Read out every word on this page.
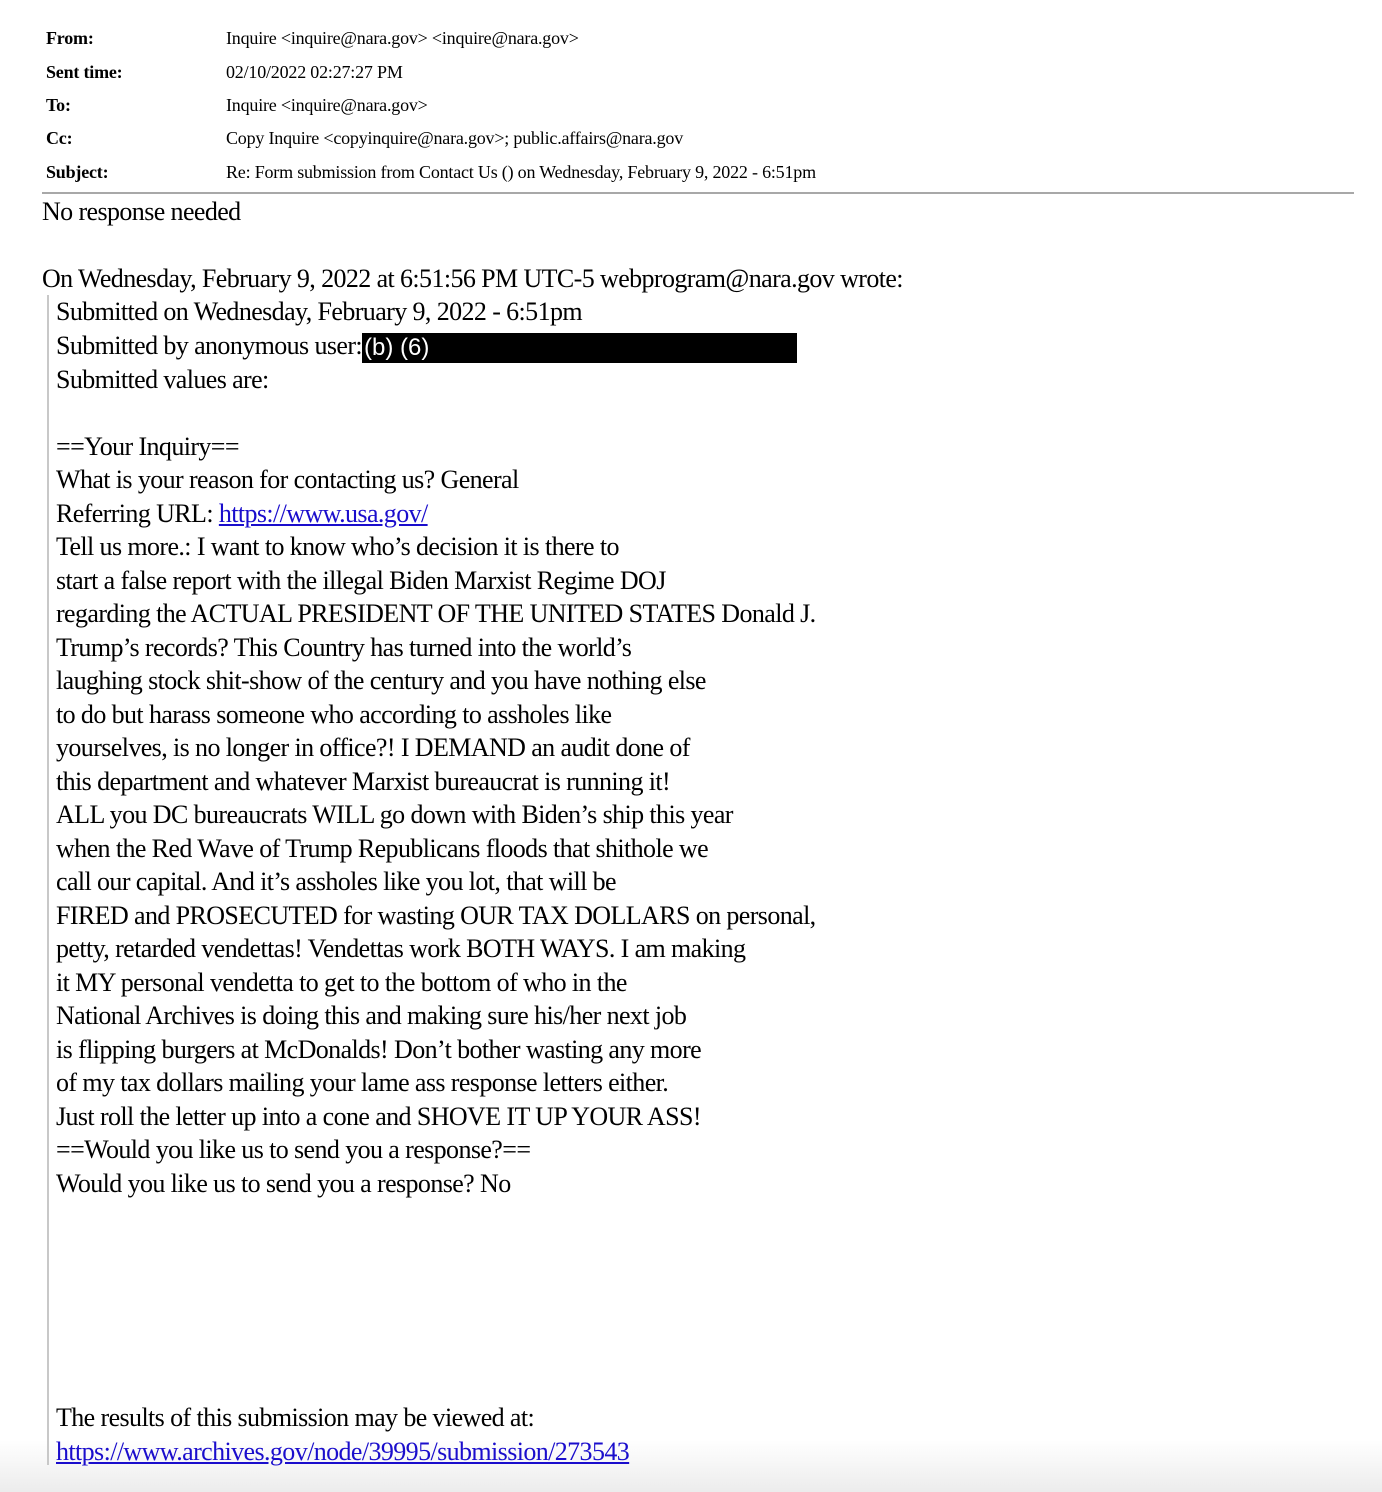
From:	Inquire <inquire@nara.gov> <inquire@nara.gov>
Sent time:	02/10/2022 02:27:27 PM
To:	Inquire <inquire@nara.gov>
Cc:	Copy Inquire <copyinquire@nara.gov>; public.affairs@nara.gov
Subject:	Re: Form submission from Contact Us () on Wednesday, February 9, 2022 - 6:51pm
No response needed
On Wednesday, February 9, 2022 at 6:51:56 PM UTC-5 webprogram@nara.gov wrote:
Submitted on Wednesday, February 9, 2022 - 6:51pm
Submitted by anonymous user:(b) (6)
Submitted values are:
==Your Inquiry==
What is your reason for contacting us? General
Referring URL: https://www.usa.gov/
Tell us more.: I want to know who’s decision it is there to
start a false report with the illegal Biden Marxist Regime DOJ
regarding the ACTUAL PRESIDENT OF THE UNITED STATES Donald J.
Trump’s records? This Country has turned into the world’s
laughing stock shit-show of the century and you have nothing else
to do but harass someone who according to assholes like
yourselves, is no longer in office?! I DEMAND an audit done of
this department and whatever Marxist bureaucrat is running it!
ALL you DC bureaucrats WILL go down with Biden’s ship this year
when the Red Wave of Trump Republicans floods that shithole we
call our capital. And it’s assholes like you lot, that will be
FIRED and PROSECUTED for wasting OUR TAX DOLLARS on personal,
petty, retarded vendettas! Vendettas work BOTH WAYS. I am making
it MY personal vendetta to get to the bottom of who in the
National Archives is doing this and making sure his/her next job
is flipping burgers at McDonalds! Don’t bother wasting any more
of my tax dollars mailing your lame ass response letters either.
Just roll the letter up into a cone and SHOVE IT UP YOUR ASS!
==Would you like us to send you a response?==
Would you like us to send you a response? No
The results of this submission may be viewed at:
https://www.archives.gov/node/39995/submission/273543
